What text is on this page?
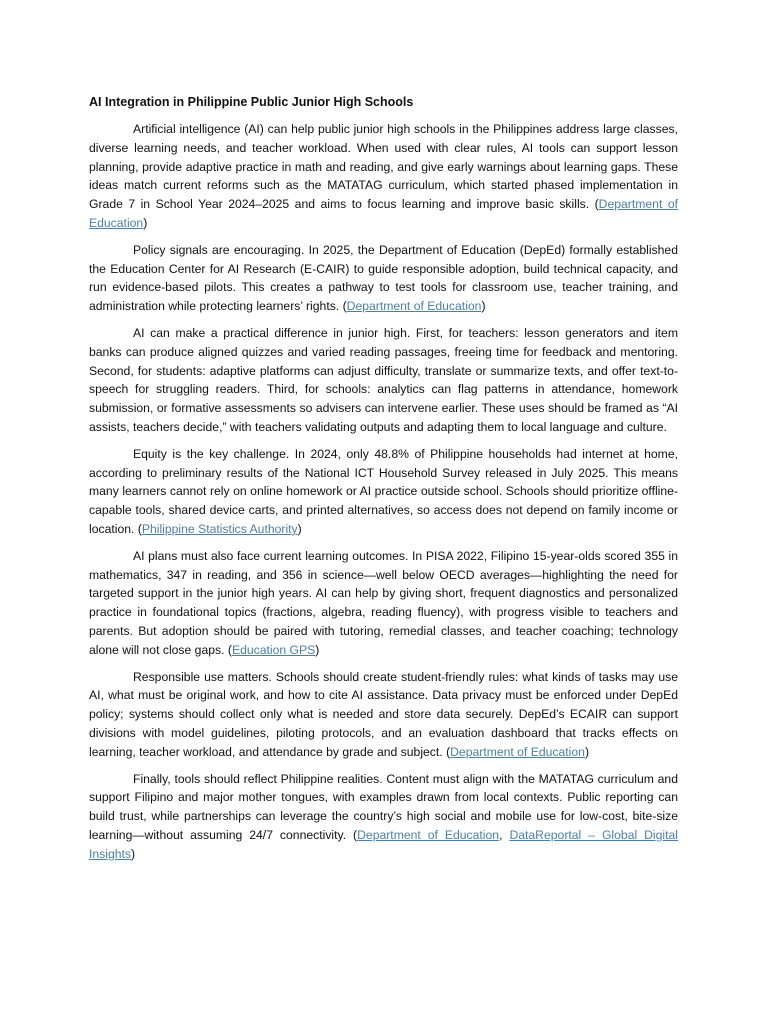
AI Integration in Philippine Public Junior High Schools

Artificial intelligence (AI) can help public junior high schools in the Philippines address large classes, diverse learning needs, and teacher workload. When used with clear rules, AI tools can support lesson planning, provide adaptive practice in math and reading, and give early warnings about learning gaps. These ideas match current reforms such as the MATATAG curriculum, which started phased implementation in Grade 7 in School Year 2024–2025 and aims to focus learning and improve basic skills. (Department of Education)

Policy signals are encouraging. In 2025, the Department of Education (DepEd) formally established the Education Center for AI Research (E-CAIR) to guide responsible adoption, build technical capacity, and run evidence-based pilots. This creates a pathway to test tools for classroom use, teacher training, and administration while protecting learners’ rights. (Department of Education)

AI can make a practical difference in junior high. First, for teachers: lesson generators and item banks can produce aligned quizzes and varied reading passages, freeing time for feedback and mentoring. Second, for students: adaptive platforms can adjust difficulty, translate or summarize texts, and offer text-to-speech for struggling readers. Third, for schools: analytics can flag patterns in attendance, homework submission, or formative assessments so advisers can intervene earlier. These uses should be framed as “AI assists, teachers decide,” with teachers validating outputs and adapting them to local language and culture.

Equity is the key challenge. In 2024, only 48.8% of Philippine households had internet at home, according to preliminary results of the National ICT Household Survey released in July 2025. This means many learners cannot rely on online homework or AI practice outside school. Schools should prioritize offline-capable tools, shared device carts, and printed alternatives, so access does not depend on family income or location. (Philippine Statistics Authority)

AI plans must also face current learning outcomes. In PISA 2022, Filipino 15-year-olds scored 355 in mathematics, 347 in reading, and 356 in science—well below OECD averages—highlighting the need for targeted support in the junior high years. AI can help by giving short, frequent diagnostics and personalized practice in foundational topics (fractions, algebra, reading fluency), with progress visible to teachers and parents. But adoption should be paired with tutoring, remedial classes, and teacher coaching; technology alone will not close gaps. (Education GPS)

Responsible use matters. Schools should create student-friendly rules: what kinds of tasks may use AI, what must be original work, and how to cite AI assistance. Data privacy must be enforced under DepEd policy; systems should collect only what is needed and store data securely. DepEd’s ECAIR can support divisions with model guidelines, piloting protocols, and an evaluation dashboard that tracks effects on learning, teacher workload, and attendance by grade and subject. (Department of Education)

Finally, tools should reflect Philippine realities. Content must align with the MATATAG curriculum and support Filipino and major mother tongues, with examples drawn from local contexts. Public reporting can build trust, while partnerships can leverage the country’s high social and mobile use for low-cost, bite-size learning—without assuming 24/7 connectivity. (Department of Education, DataReportal – Global Digital Insights)
